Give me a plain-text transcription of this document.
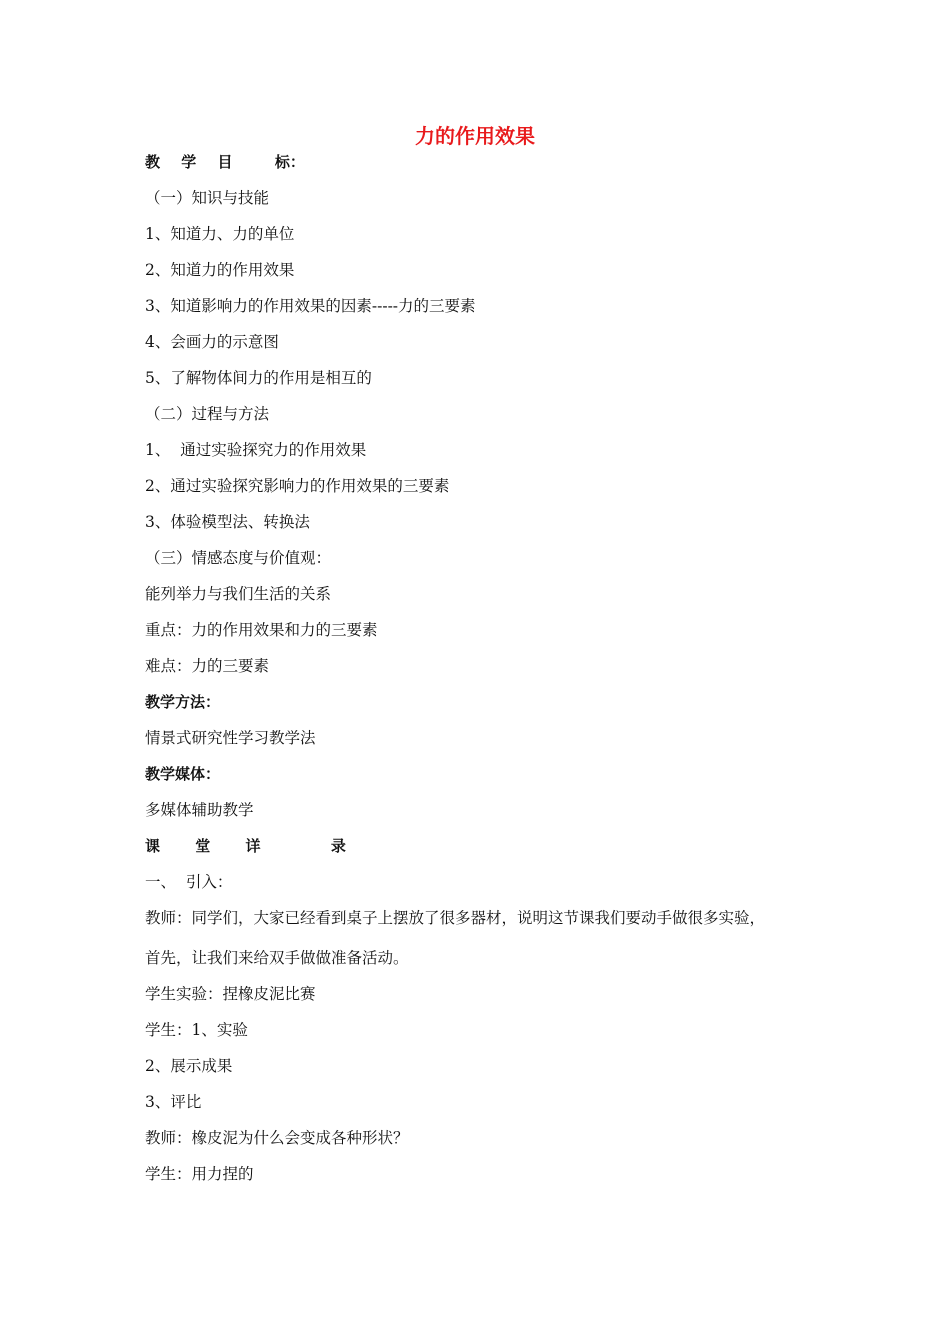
力的作用效果
教 学 目  标：
（一）知识与技能
1、知道力、力的单位
2、知道力的作用效果
3、知道影响力的作用效果的因素-----力的三要素
4、会画力的示意图
5、了解物体间力的作用是相互的
（二）过程与方法
1、  通过实验探究力的作用效果
2、通过实验探究影响力的作用效果的三要素
3、体验模型法、转换法
（三）情感态度与价值观：
能列举力与我们生活的关系
重点：力的作用效果和力的三要素
难点：力的三要素
教学方法：
情景式研究性学习教学法
教学媒体：
多媒体辅助教学
课 堂 详  录
一、  引入：
教师：同学们，大家已经看到桌子上摆放了很多器材，说明这节课我们要动手做很多实验，
首先，让我们来给双手做做准备活动。
学生实验：捏橡皮泥比赛
学生：1、实验
2、展示成果
3、评比
教师：橡皮泥为什么会变成各种形状？
学生：用力捏的
